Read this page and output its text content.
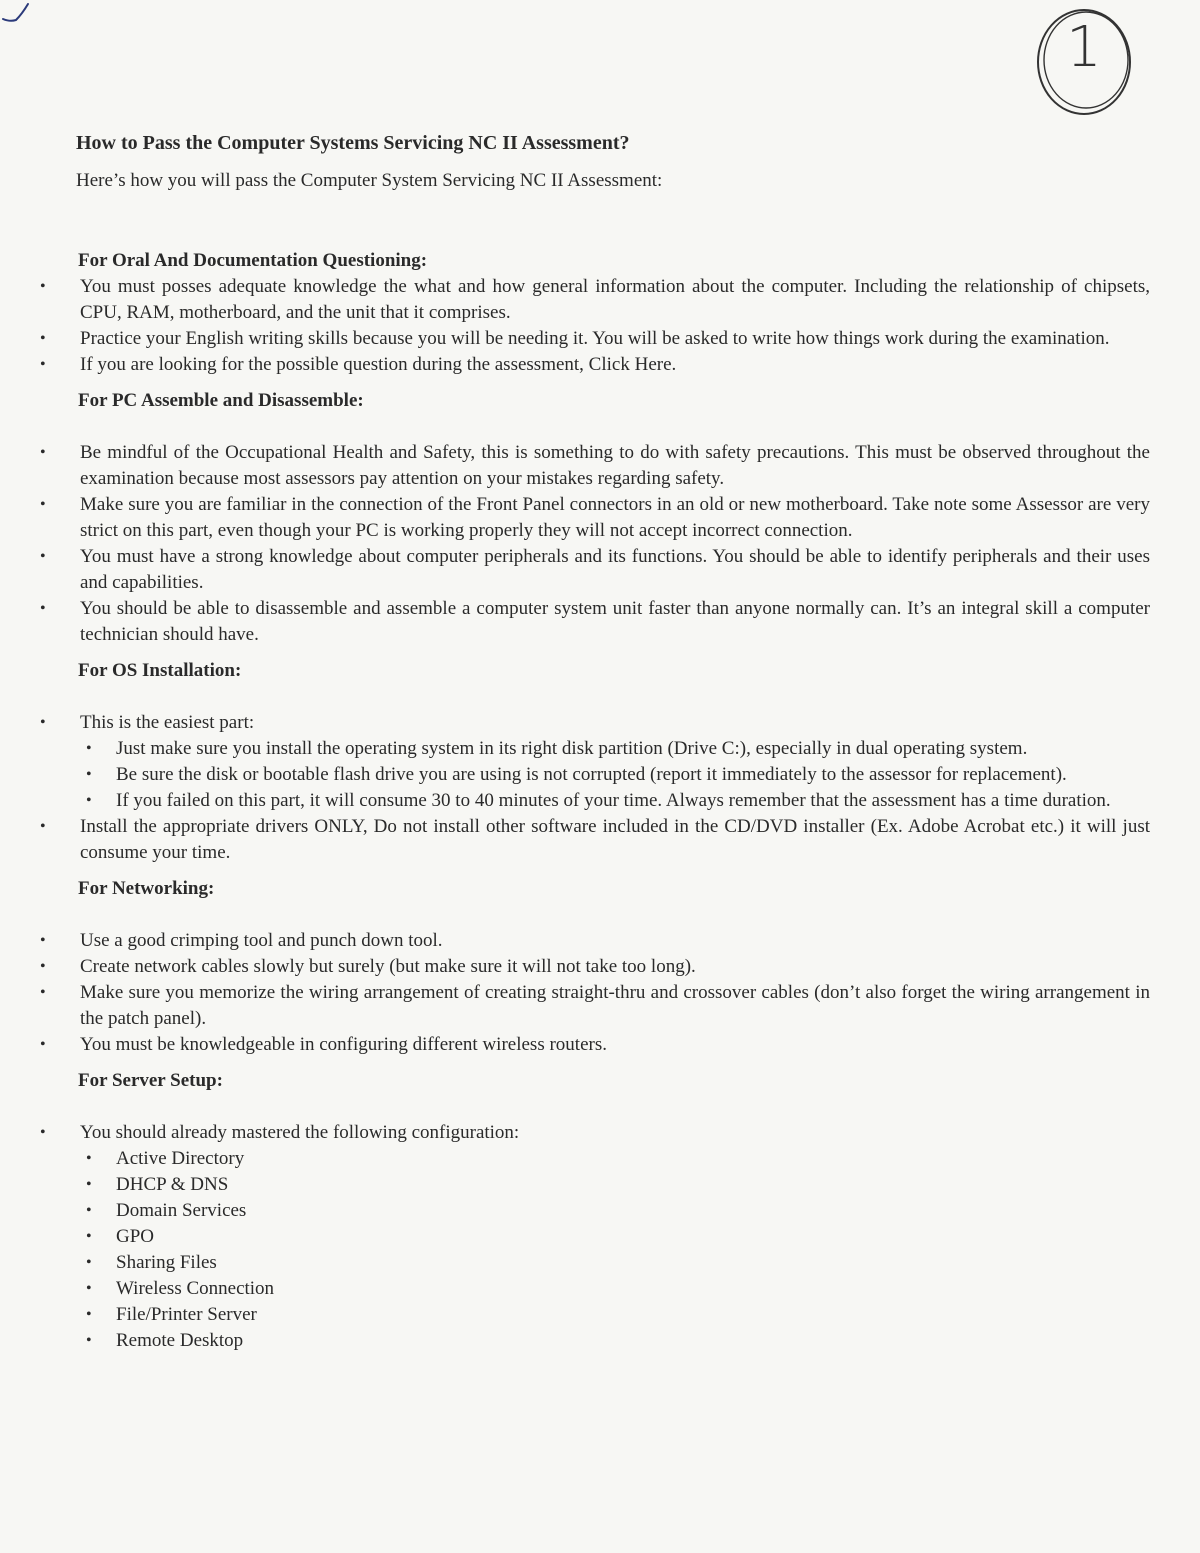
1
How to Pass the Computer Systems Servicing NC II Assessment?

Here’s how you will pass the Computer System Servicing NC II Assessment:

For Oral And Documentation Questioning:
• You must posses adequate knowledge the what and how general information about the computer. Including the relationship of chipsets, CPU, RAM, motherboard, and the unit that it comprises.
• Practice your English writing skills because you will be needing it. You will be asked to write how things work during the examination.
• If you are looking for the possible question during the assessment, Click Here.
For PC Assemble and Disassemble:
• Be mindful of the Occupational Health and Safety, this is something to do with safety precautions. This must be observed throughout the examination because most assessors pay attention on your mistakes regarding safety.
• Make sure you are familiar in the connection of the Front Panel connectors in an old or new motherboard. Take note some Assessor are very strict on this part, even though your PC is working properly they will not accept incorrect connection.
• You must have a strong knowledge about computer peripherals and its functions. You should be able to identify peripherals and their uses and capabilities.
• You should be able to disassemble and assemble a computer system unit faster than anyone normally can. It’s an integral skill a computer technician should have.
For OS Installation:
• This is the easiest part:
• Just make sure you install the operating system in its right disk partition (Drive C:), especially in dual operating system.
• Be sure the disk or bootable flash drive you are using is not corrupted (report it immediately to the assessor for replacement).
• If you failed on this part, it will consume 30 to 40 minutes of your time. Always remember that the assessment has a time duration.
• Install the appropriate drivers ONLY, Do not install other software included in the CD/DVD installer (Ex. Adobe Acrobat etc.) it will just consume your time.
For Networking:
• Use a good crimping tool and punch down tool.
• Create network cables slowly but surely (but make sure it will not take too long).
• Make sure you memorize the wiring arrangement of creating straight-thru and crossover cables (don’t also forget the wiring arrangement in the patch panel).
• You must be knowledgeable in configuring different wireless routers.
For Server Setup:
• You should already mastered the following configuration:
• Active Directory
• DHCP & DNS
• Domain Services
• GPO
• Sharing Files
• Wireless Connection
• File/Printer Server
• Remote Desktop
